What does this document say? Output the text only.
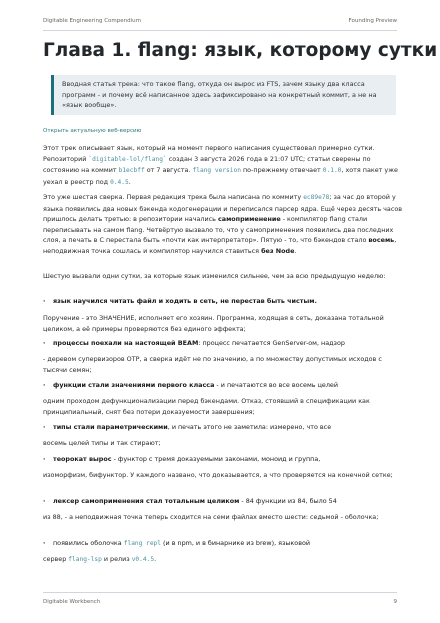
Digitable Engineering Compendium	Founding Preview
Глава 1. flang: язык, которому сутки

Вводная статья трека: что такое flang, откуда он вырос из FTS, зачем языку два класса программ - и почему всё написанное здесь зафиксировано на конкретный коммит, а не на «язык вообще».

Открыть актуальную веб-версию

Этот трек описывает язык, который на момент первого написания существовал примерно сутки. Репозиторий `digitable-lol/flang` создан 3 августа 2026 года в 21:07 UTC; статьи сверены по состоянию на коммит b1ecbff от 7 августа. flang version по-прежнему отвечает 0.1.0, хотя пакет уже уехал в реестр под 0.4.5.

Это уже шестая сверка. Первая редакция трека была написана по коммиту ec89e78; за час до второй у языка появились два новых бэкенда кодогенерации и переписался парсер ядра. Ещё через десять часов пришлось делать третью: в репозитории начались самоприменение - компилятор flang стали переписывать на самом flang. Четвёртую вызвало то, что у самоприменения появились два последних слоя, а печать в C перестала быть «почти как интерпретатор». Пятую - то, что бэкендов стало восемь, неподвижная точка сошлась и компилятор научился ставиться без Node.

Шестую вызвали одни сутки, за которые язык изменился сильнее, чем за всю предыдущую неделю:

· язык научился читать файл и ходить в сеть, не перестав быть чистым.

Поручение - это ЗНАЧЕНИЕ, исполняет его хозяин. Программа, ходящая в сеть, доказана тотальной целиком, а её примеры проверяются без единого эффекта;

· процессы поехали на настоящей BEAM: процесс печатается GenServer-ом, надзор

- деревом супервизоров OTP, а сверка идёт не по значению, а по множеству допустимых исходов с тысячи семян;

· функции стали значениями первого класса - и печатаются во все восемь целей

одним проходом дефункционализации перед бэкендами. Отказ, стоявший в спецификации как принципиальный, снят без потери доказуемости завершения;

· типы стали параметрическими, и печать этого не заметила: измерено, что все

восемь целей типы и так стирают;

· теорокат вырос - функтор с тремя доказуемыми законами, моноид и группа,

изоморфизм, бифунктор. У каждого названо, что доказывается, а что проверяется на конечной сетке;

· лексер самоприменения стал тотальным целиком - 84 функции из 84, было 54

из 88, - а неподвижная точка теперь сходится на семи файлах вместо шести: седьмой - оболочка;

· появились оболочка flang repl (и в npm, и в бинарнике из brew), языковой

сервер flang-lsp и релиз v0.4.5.

Digitable Workbench	9
